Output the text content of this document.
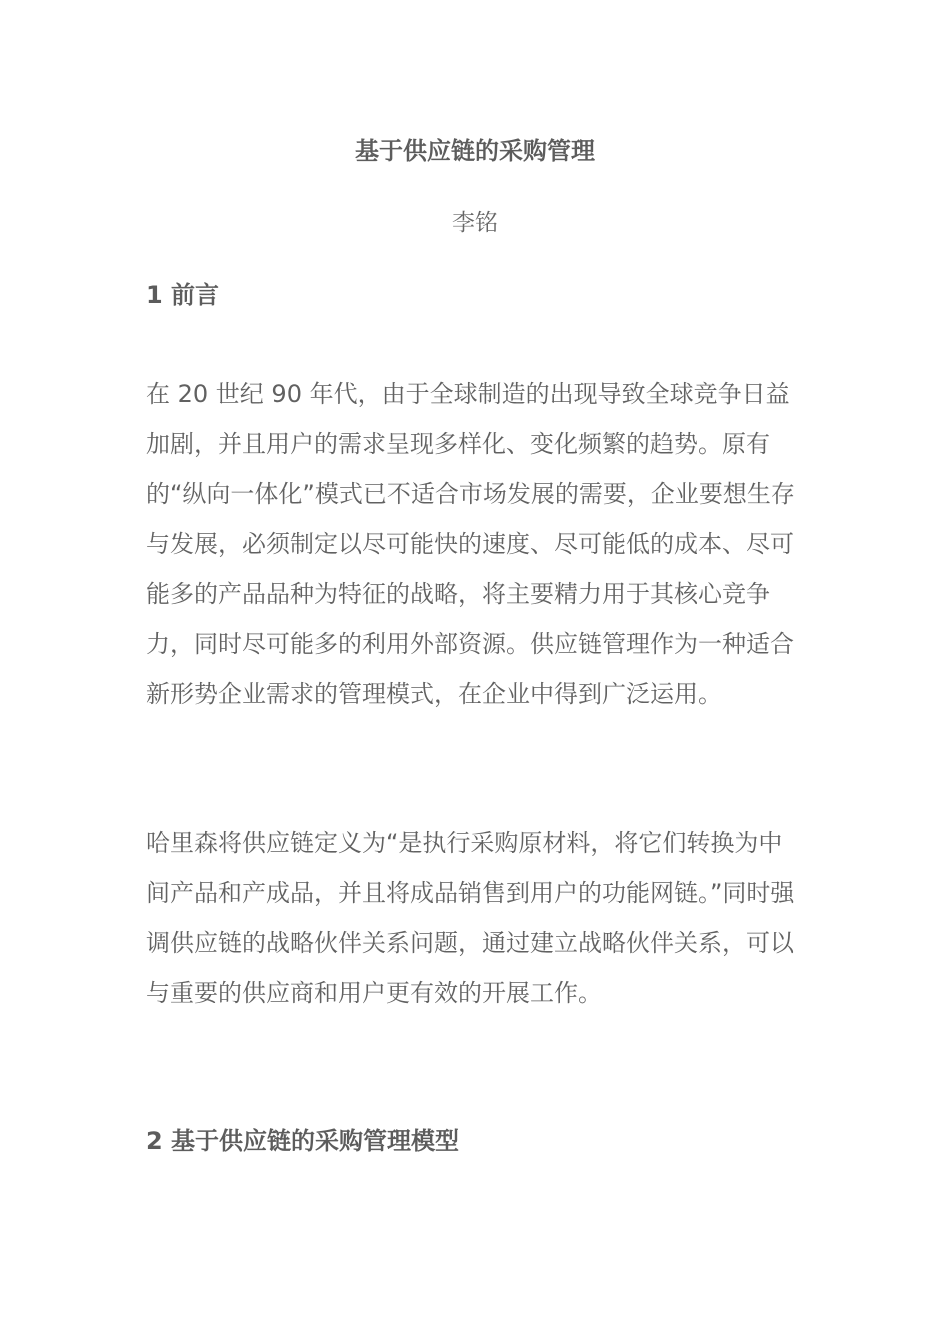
基于供应链的采购管理
李铭
1 前言

在 20 世纪 90 年代，由于全球制造的出现导致全球竞争日益加剧，并且用户的需求呈现多样化、变化频繁的趋势。原有的“纵向一体化”模式已不适合市场发展的需要，企业要想生存与发展，必须制定以尽可能快的速度、尽可能低的成本、尽可能多的产品品种为特征的战略，将主要精力用于其核心竞争力，同时尽可能多的利用外部资源。供应链管理作为一种适合新形势企业需求的管理模式，在企业中得到广泛运用。

哈里森将供应链定义为“是执行采购原材料，将它们转换为中间产品和产成品，并且将成品销售到用户的功能网链。”同时强调供应链的战略伙伴关系问题，通过建立战略伙伴关系，可以与重要的供应商和用户更有效的开展工作。

2 基于供应链的采购管理模型
